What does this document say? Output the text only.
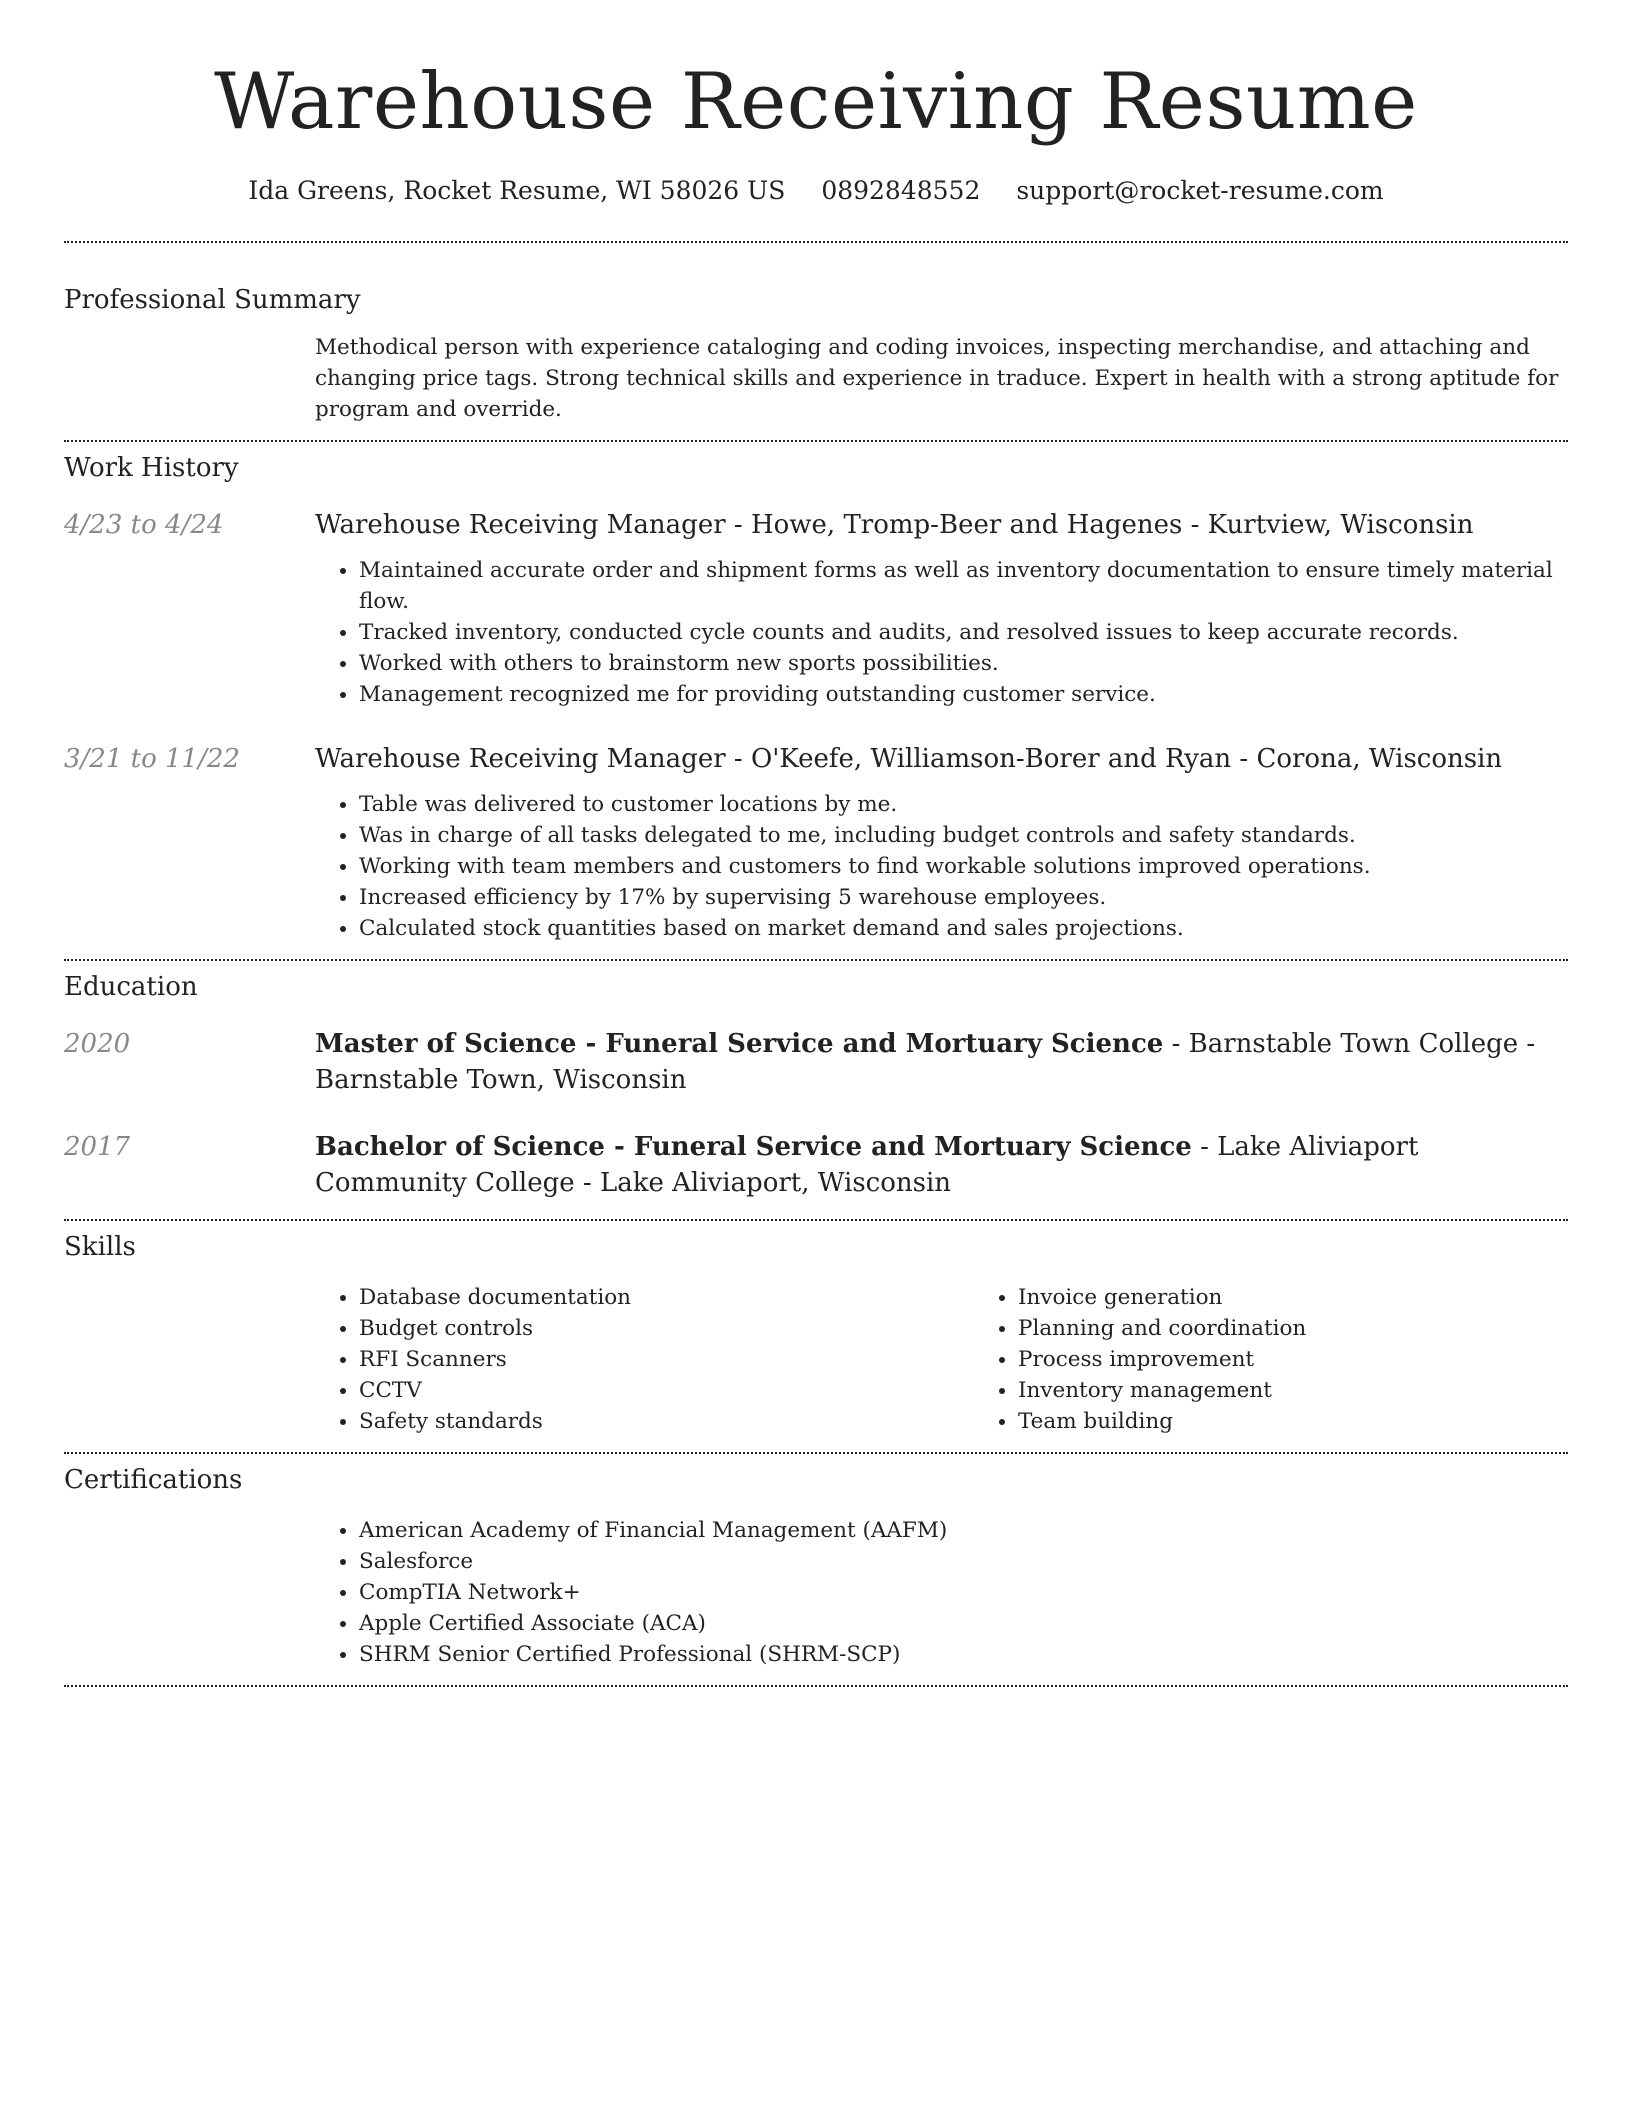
Warehouse Receiving Resume
Ida Greens, Rocket Resume, WI 58026 US 0892848552 support@rocket-resume.com
Professional Summary
Methodical person with experience cataloging and coding invoices, inspecting merchandise, and attaching and changing price tags. Strong technical skills and experience in traduce. Expert in health with a strong aptitude for program and override.
Work History
4/23 to 4/24	Warehouse Receiving Manager - Howe, Tromp-Beer and Hagenes - Kurtview, Wisconsin
• Maintained accurate order and shipment forms as well as inventory documentation to ensure timely material flow.
• Tracked inventory, conducted cycle counts and audits, and resolved issues to keep accurate records.
• Worked with others to brainstorm new sports possibilities.
• Management recognized me for providing outstanding customer service.
3/21 to 11/22	Warehouse Receiving Manager - O'Keefe, Williamson-Borer and Ryan - Corona, Wisconsin
• Table was delivered to customer locations by me.
• Was in charge of all tasks delegated to me, including budget controls and safety standards.
• Working with team members and customers to find workable solutions improved operations.
• Increased efficiency by 17% by supervising 5 warehouse employees.
• Calculated stock quantities based on market demand and sales projections.
Education
2020	Master of Science - Funeral Service and Mortuary Science - Barnstable Town College - Barnstable Town, Wisconsin
2017	Bachelor of Science - Funeral Service and Mortuary Science - Lake Aliviaport Community College - Lake Aliviaport, Wisconsin
Skills
• Database documentation
• Budget controls
• RFI Scanners
• CCTV
• Safety standards
• Invoice generation
• Planning and coordination
• Process improvement
• Inventory management
• Team building
Certifications
• American Academy of Financial Management (AAFM)
• Salesforce
• CompTIA Network+
• Apple Certified Associate (ACA)
• SHRM Senior Certified Professional (SHRM-SCP)
